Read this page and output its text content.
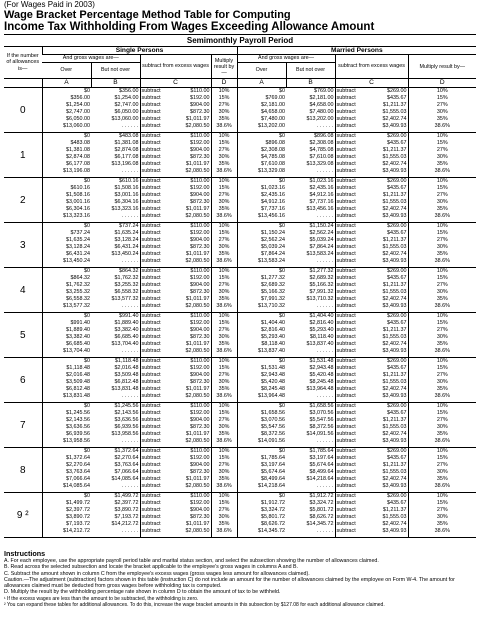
(For Wages Paid in 2003)
Wage Bracket Percentage Method Table for Computing
Income Tax Withholding From Wages Exceeding Allowance Amount
Semimonthly Payroll Period
If the number of allowances is—	Single Persons				Married Persons			
	And gross wages are—		subtract from excess wages	Multiply result by—	And gross wages are—		subtract from excess wages	Multiply result by—
	Over	But not over			Over	But not over		
	A	B	C	D	A	B	C	D
0	$0	$356.00	subtract $110.00	10%	$0	$769.00	subtract $269.00	10%
	$356.00	$1,254.00	subtract $192.00	15%	$769.00	$2,181.00	subtract $435.67	15%
	$1,254.00	$2,747.00	subtract $904.00	27%	$2,181.00	$4,658.00	subtract $1,211.37	27%
	$2,747.00	$6,050.00	subtract $872.30	30%	$4,658.00	$7,480.00	subtract $1,555.03	30%
	$6,050.00	$13,060.00	subtract $1,011.97	35%	$7,480.00	$13,202.00	subtract $2,402.74	35%
	$13,060.00	. . . . . .	subtract $2,080.50	38.6%	$13,202.00	. . . . . .	subtract $3,409.93	38.6%
1	$0	$483.08	subtract $110.00	10%	$0	$896.08	subtract $269.00	10%
	$483.08	$1,381.08	subtract $192.00	15%	$896.08	$2,308.08	subtract $435.67	15%
	$1,381.08	$2,874.08	subtract $904.00	27%	$2,308.08	$4,785.08	subtract $1,211.37	27%
	$2,874.08	$6,177.08	subtract $872.30	30%	$4,785.08	$7,610.08	subtract $1,555.03	30%
	$6,177.08	$13,196.08	subtract $1,011.97	35%	$7,610.08	$13,329.08	subtract $2,402.74	35%
	$13,196.08	. . . . . .	subtract $2,080.50	38.6%	$13,329.08	. . . . . .	subtract $3,409.93	38.6%
2	$0	$610.16	subtract $110.00	10%	$0	$1,023.16	subtract $269.00	10%
	$610.16	$1,508.16	subtract $192.00	15%	$1,023.16	$2,435.16	subtract $435.67	15%
	$1,508.16	$3,001.16	subtract $904.00	27%	$2,435.16	$4,912.16	subtract $1,211.37	27%
	$3,001.16	$6,304.16	subtract $872.30	30%	$4,912.16	$7,737.16	subtract $1,555.03	30%
	$6,304.16	$13,323.16	subtract $1,011.97	35%	$7,737.16	$13,456.16	subtract $2,402.74	35%
	$13,323.16	. . . . . .	subtract $2,080.50	38.6%	$13,456.16	. . . . . .	subtract $3,409.93	38.6%
3	$0	$737.24	subtract $110.00	10%	$0	$1,150.24	subtract $269.00	10%
	$737.24	$1,635.24	subtract $192.00	15%	$1,150.24	$2,562.24	subtract $435.67	15%
	$1,635.24	$3,128.24	subtract $904.00	27%	$2,562.24	$5,039.24	subtract $1,211.37	27%
	$3,128.24	$6,431.24	subtract $872.30	30%	$5,039.24	$7,864.24	subtract $1,555.03	30%
	$6,431.24	$13,450.24	subtract $1,011.97	35%	$7,864.24	$13,583.24	subtract $2,402.74	35%
	$13,450.24	. . . . . .	subtract $2,080.50	38.6%	$13,583.24	. . . . . .	subtract $3,409.93	38.6%
4	$0	$864.32	subtract $110.00	10%	$0	$1,277.32	subtract $269.00	10%
	$864.32	$1,762.32	subtract $192.00	15%	$1,277.32	$2,689.32	subtract $435.67	15%
	$1,762.32	$3,255.32	subtract $904.00	27%	$2,689.32	$5,166.32	subtract $1,211.37	27%
	$3,255.32	$6,558.32	subtract $872.30	30%	$5,166.32	$7,991.32	subtract $1,555.03	30%
	$6,558.32	$13,577.32	subtract $1,011.97	35%	$7,991.32	$13,710.32	subtract $2,402.74	35%
	$13,577.32	. . . . . .	subtract $2,080.50	38.6%	$13,710.32	. . . . . .	subtract $3,409.93	38.6%
5	$0	$991.40	subtract $110.00	10%	$0	$1,404.40	subtract $269.00	10%
	$991.40	$1,889.40	subtract $192.00	15%	$1,404.40	$2,816.40	subtract $435.67	15%
	$1,889.40	$3,382.40	subtract $904.00	27%	$2,816.40	$5,293.40	subtract $1,211.37	27%
	$3,382.40	$6,685.40	subtract $872.30	30%	$5,293.40	$8,118.40	subtract $1,555.03	30%
	$6,685.40	$13,704.40	subtract $1,011.97	35%	$8,118.40	$13,837.40	subtract $2,402.74	35%
	$13,704.40	. . . . . .	subtract $2,080.50	38.6%	$13,837.40	. . . . . .	subtract $3,409.93	38.6%
6	$0	$1,118.48	subtract $110.00	10%	$0	$1,531.48	subtract $269.00	10%
	$1,118.48	$2,016.48	subtract $192.00	15%	$1,531.48	$2,943.48	subtract $435.67	15%
	$2,016.48	$3,509.48	subtract $904.00	27%	$2,943.48	$5,420.48	subtract $1,211.37	27%
	$3,509.48	$6,812.48	subtract $872.30	30%	$5,420.48	$8,245.48	subtract $1,555.03	30%
	$6,812.48	$13,831.48	subtract $1,011.97	35%	$8,245.48	$13,964.48	subtract $2,402.74	35%
	$13,831.48	. . . . . .	subtract $2,080.50	38.6%	$13,964.48	. . . . . .	subtract $3,409.93	38.6%
7	$0	$1,245.56	subtract $110.00	10%	$0	$1,658.56	subtract $269.00	10%
	$1,245.56	$2,143.56	subtract $192.00	15%	$1,658.56	$3,070.56	subtract $435.67	15%
	$2,143.56	$3,636.56	subtract $904.00	27%	$3,070.56	$5,547.56	subtract $1,211.37	27%
	$3,636.56	$6,939.56	subtract $872.30	30%	$5,547.56	$8,372.56	subtract $1,555.03	30%
	$6,939.56	$13,958.56	subtract $1,011.97	35%	$8,372.56	$14,091.56	subtract $2,402.74	35%
	$13,958.56	. . . . . .	subtract $2,080.50	38.6%	$14,091.56	. . . . . .	subtract $3,409.93	38.6%
8	$0	$1,372.64	subtract $110.00	10%	$0	$1,785.64	subtract $269.00	10%
	$1,372.64	$2,270.64	subtract $192.00	15%	$1,785.64	$3,197.64	subtract $435.67	15%
	$2,270.64	$3,763.64	subtract $904.00	27%	$3,197.64	$5,674.64	subtract $1,211.37	27%
	$3,763.64	$7,066.64	subtract $872.30	30%	$5,674.64	$8,499.64	subtract $1,555.03	30%
	$7,066.64	$14,085.64	subtract $1,011.97	35%	$8,499.64	$14,218.64	subtract $2,402.74	35%
	$14,085.64	. . . . . .	subtract $2,080.50	38.6%	$14,218.64	. . . . . .	subtract $3,409.93	38.6%
9 ²	$0	$1,499.72	subtract $110.00	10%	$0	$1,912.72	subtract $269.00	10%
	$1,499.72	$2,397.72	subtract $192.00	15%	$1,912.72	$3,324.72	subtract $435.67	15%
	$2,397.72	$3,890.72	subtract $904.00	27%	$3,324.72	$5,801.72	subtract $1,211.37	27%
	$3,890.72	$7,193.72	subtract $872.30	30%	$5,801.72	$8,626.72	subtract $1,555.03	30%
	$7,193.72	$14,212.72	subtract $1,011.97	35%	$8,626.72	$14,345.72	subtract $2,402.74	35%
	$14,212.72	. . . . . .	subtract $2,080.50	38.6%	$14,345.72	. . . . . .	subtract $3,409.93	38.6%
Instructions
A. For each employee, use the appropriate payroll period table and marital status section, and select the subsection showing the number of allowances claimed.
B. Read across the selected subsection and locate the bracket applicable to the employee's gross wages in columns A and B.
C. Subtract the amount shown in column C from the employee's excess wages (gross wages less amount for allowances claimed).
Caution.—The adjustment (subtraction) factors shown in this table (instruction C) do not include an amount for the number of allowances claimed by the employee on Form W-4. The amount for allowances claimed must be deducted from gross wages before withholding tax is computed.
D. Multiply the result by the withholding percentage rate shown in column D to obtain the amount of tax to be withheld.
¹ If the excess wages are less than the amount to be subtracted, the withholding is zero.
² You can expand these tables for additional allowances. To do this, increase the wage bracket amounts in this subsection by $127.08 for each additional allowance claimed.
